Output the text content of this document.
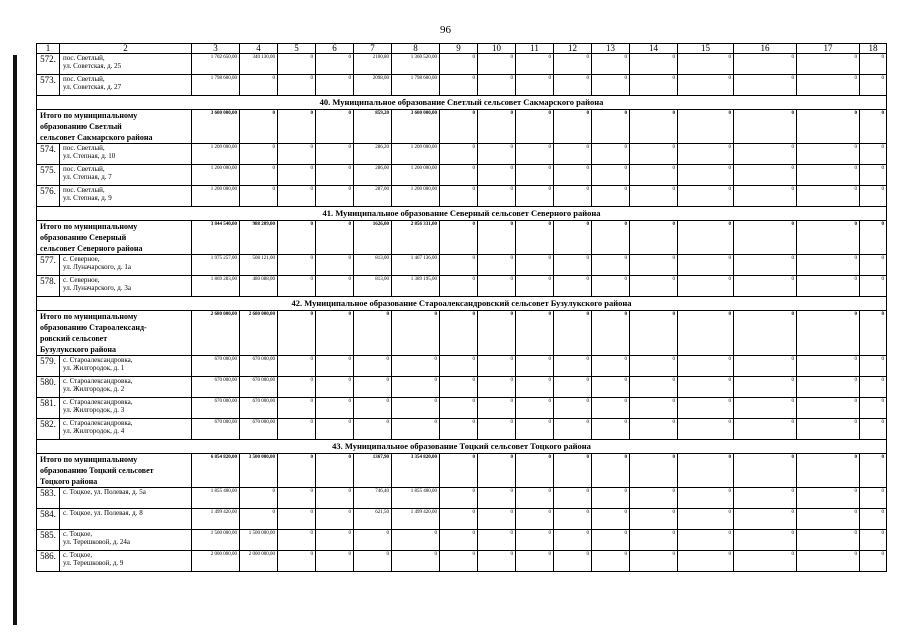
96
1	2	3	4	5	6	7	8	9	10	11	12	13	14	15	16	17	18
572.	пос. Светлый,
ул. Советская, д. 25	1 702 650,00	340 130,00	0	0	2100,80	1 360 520,00	0	0	0	0	0	0	0	0	0	0
573.	пос. Светлый,
ул. Советская, д. 27	1 798 600,00	0	0	0	2098,00	1 798 600,00	0	0	0	0	0	0	0	0	0	0
40. Муниципальное образование Светлый сельсовет Сакмарского района																	

Итого по муниципальному
образованию Светлый
сельсовет Сакмарского района		3 600 000,00	0	0	0	859,20	3 600 000,00	0	0	0	0	0	0	0	0	0	0
574.	пос. Светлый,
ул. Степная, д. 10	1 200 000,00	0	0	0	286,20	1 200 000,00	0	0	0	0	0	0	0	0	0	0
575.	пос. Светлый,
ул. Степная, д. 7	1 200 000,00	0	0	0	286,00	1 200 000,00	0	0	0	0	0	0	0	0	0	0
576.	пос. Светлый,
ул. Степная, д. 9	1 200 000,00	0	0	0	287,00	1 200 000,00	0	0	0	0	0	0	0	0	0	0
41. Муниципальное образование Северный сельсовет Северного района																	

Итого по муниципальному
образованию Северный
сельсовет Северного района		3 844 540,00	988 209,00	0	0	1626,00	2 856 331,00	0	0	0	0	0	0	0	0	0	0
577.	с. Северное,
ул. Луначарского, д. 1а	1 975 257,00	508 121,00	0	0	813,00	1 467 136,00	0	0	0	0	0	0	0	0	0	0
578.	с. Северное,
ул. Луначарского, д. 3а	1 869 283,00	480 088,00	0	0	813,00	1 389 195,00	0	0	0	0	0	0	0	0	0	0
42. Муниципальное образование Староалександровский сельсовет Бузулукского района																	

Итого по муниципальному
образованию Староалександ-
ровский сельсовет
Бузулукского района		2 680 000,00	2 680 000,00	0	0	0	0	0	0	0	0	0	0	0	0	0	0
579.	с. Староалександровка,
ул. Жилгородок, д. 1	670 000,00	670 000,00	0	0	0	0	0	0	0	0	0	0	0	0	0	0
580.	с. Староалександровка,
ул. Жилгородок, д. 2	670 000,00	670 000,00	0	0	0	0	0	0	0	0	0	0	0	0	0	0
581.	с. Староалександровка,
ул. Жилгородок, д. 3	670 000,00	670 000,00	0	0	0	0	0	0	0	0	0	0	0	0	0	0
582.	с. Староалександровка,
ул. Жилгородок, д. 4	670 000,00	670 000,00	0	0	0	0	0	0	0	0	0	0	0	0	0	0
43. Муниципальное образование Тоцкий сельсовет Тоцкого района																	

Итого по муниципальному
образованию Тоцкий сельсовет
Тоцкого района		6 854 820,00	3 500 000,00	0	0	1367,90	3 354 820,00	0	0	0	0	0	0	0	0	0	0
583.	с. Тоцкое, ул. Полевая, д. 5а	1 855 400,00	0	0	0	746,40	1 855 400,00	0	0	0	0	0	0	0	0	0	0
584.	с. Тоцкое, ул. Полевая, д. 8	1 499 420,00	0	0	0	621,50	1 499 420,00	0	0	0	0	0	0	0	0	0	0
585.	с. Тоцкое,
ул. Терешковой, д. 24а	1 500 000,00	1 500 000,00	0	0	0	0	0	0	0	0	0	0	0	0	0	0
586.	с. Тоцкое,
ул. Терешковой, д. 9	2 000 000,00	2 000 000,00	0	0	0	0	0	0	0	0	0	0	0	0	0	0
